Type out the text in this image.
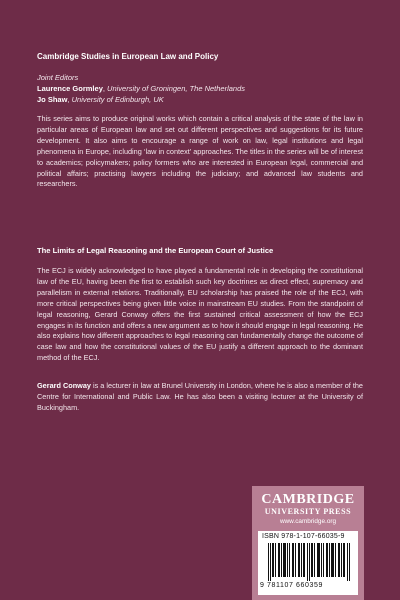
Cambridge Studies in European Law and Policy
Joint Editors
Laurence Gormley, University of Groningen, The Netherlands
Jo Shaw, University of Edinburgh, UK

This series aims to produce original works which contain a critical analysis of the state of the law in particular areas of European law and set out different perspectives and suggestions for its future development. It also aims to encourage a range of work on law, legal institutions and legal phenomena in Europe, including ‘law in context’ approaches. The titles in the series will be of interest to academics; policymakers; policy formers who are interested in European legal, commercial and political affairs; practising lawyers including the judiciary; and advanced law students and researchers.

The Limits of Legal Reasoning and the European Court of Justice

The ECJ is widely acknowledged to have played a fundamental role in developing the constitutional law of the EU, having been the first to establish such key doctrines as direct effect, supremacy and parallelism in external relations. Traditionally, EU scholarship has praised the role of the ECJ, with more critical perspectives being given little voice in mainstream EU studies. From the standpoint of legal reasoning, Gerard Conway offers the first sustained critical assessment of how the ECJ engages in its function and offers a new argument as to how it should engage in legal reasoning. He also explains how different approaches to legal reasoning can fundamentally change the outcome of case law and how the constitutional values of the EU justify a different approach to the dominant method of the ECJ.

Gerard Conway is a lecturer in law at Brunel University in London, where he is also a member of the Centre for International and Public Law. He has also been a visiting lecturer at the University of Buckingham.

CAMBRIDGE
UNIVERSITY PRESS
www.cambridge.org
ISBN 978-1-107-66035-9
9 781107 660359
